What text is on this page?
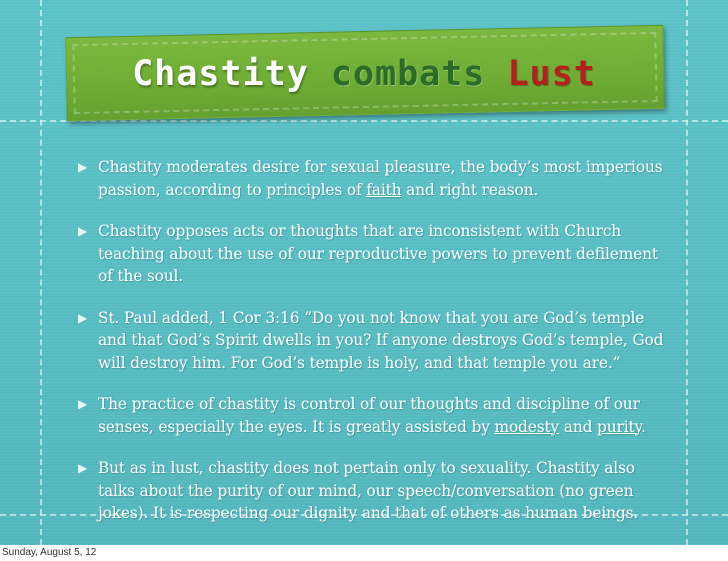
Chastity combats Lust
▶ Chastity moderates desire for sexual pleasure, the body’s most imperious passion, according to principles of faith and right reason.
▶ Chastity opposes acts or thoughts that are inconsistent with Church teaching about the use of our reproductive powers to prevent defilement of the soul.
▶ St. Paul added, 1 Cor 3:16 “Do you not know that you are God’s temple and that God’s Spirit dwells in you? If anyone destroys God’s temple, God will destroy him. For God’s temple is holy, and that temple you are.”
▶ The practice of chastity is control of our thoughts and discipline of our senses, especially the eyes. It is greatly assisted by modesty and purity.
▶ But as in lust, chastity does not pertain only to sexuality. Chastity also talks about the purity of our mind, our speech/conversation (no green jokes). It is respecting our dignity and that of others as human beings.
Sunday, August 5, 12
